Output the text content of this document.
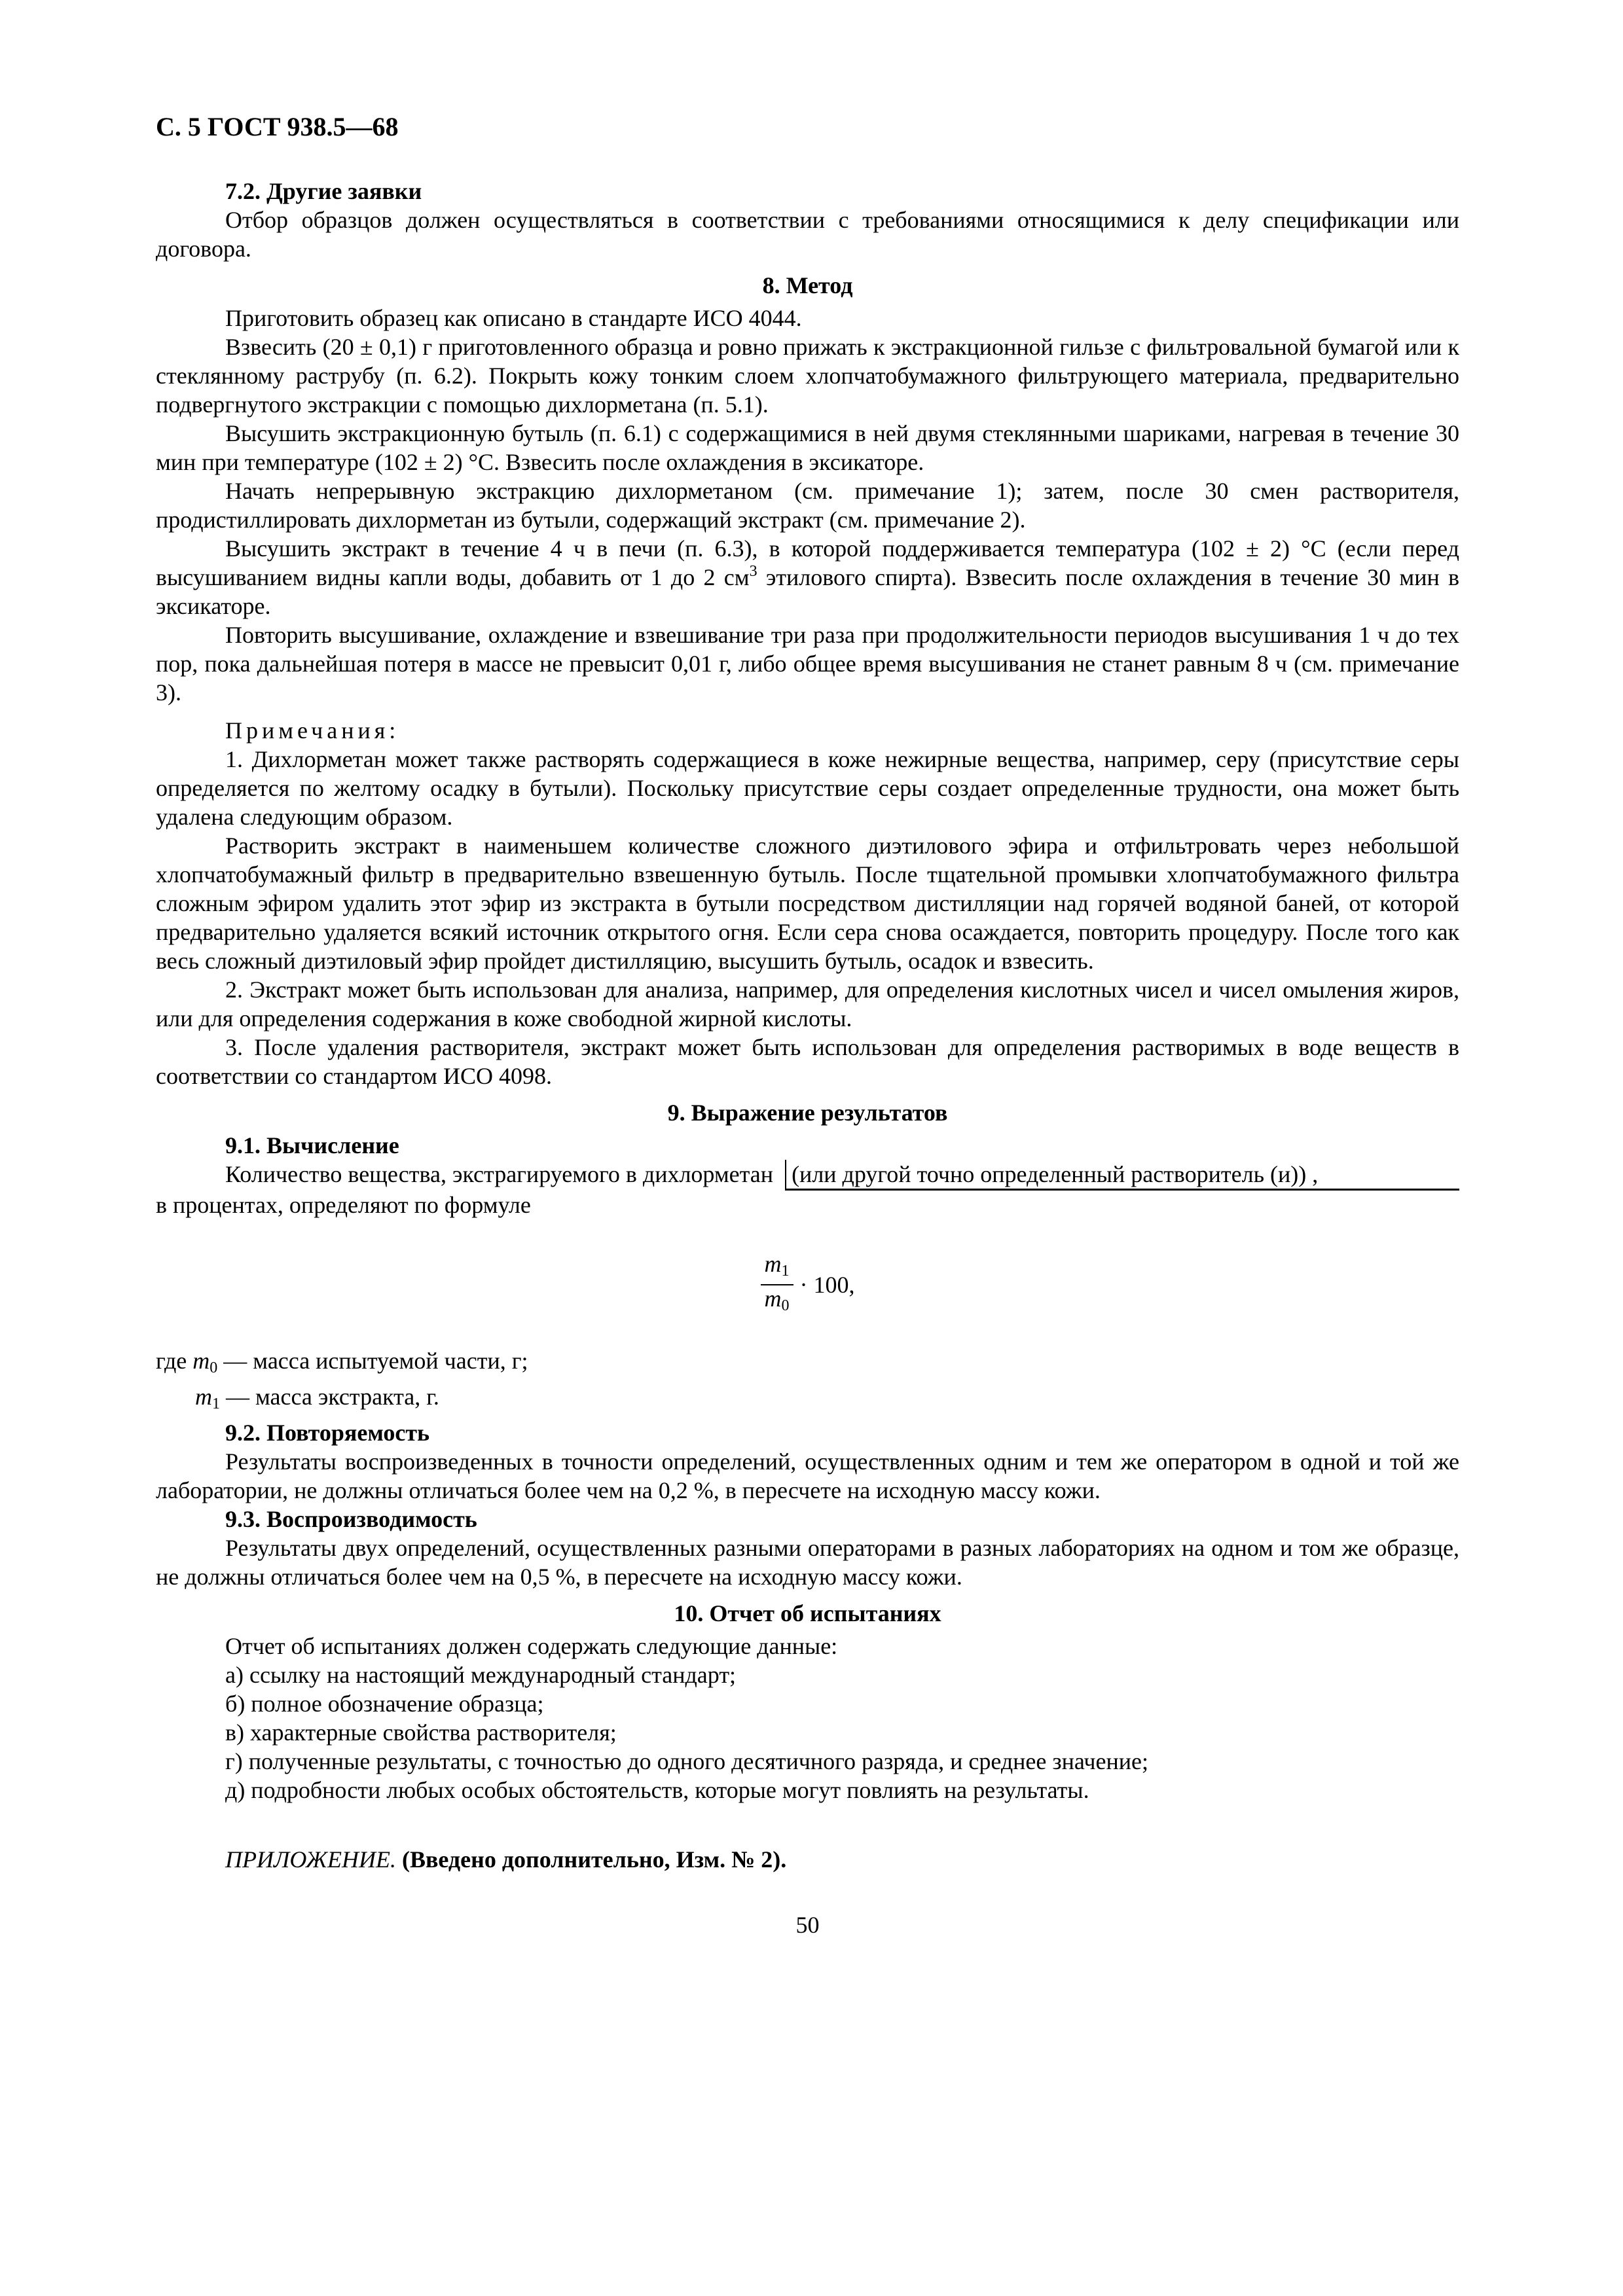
С. 5 ГОСТ 938.5—68

7.2. Другие заявки

Отбор образцов должен осуществляться в соответствии с требованиями относящимися к делу спецификации или договора.

8. Метод

Приготовить образец как описано в стандарте ИСО 4044.

Взвесить (20 ± 0,1) г приготовленного образца и ровно прижать к экстракционной гильзе с фильтровальной бумагой или к стеклянному раструбу (п. 6.2). Покрыть кожу тонким слоем хлопчатобумажного фильтрующего материала, предварительно подвергнутого экстракции с помощью дихлорметана (п. 5.1).

Высушить экстракционную бутыль (п. 6.1) с содержащимися в ней двумя стеклянными шариками, нагревая в течение 30 мин при температуре (102 ± 2) °С. Взвесить после охлаждения в эксикаторе.

Начать непрерывную экстракцию дихлорметаном (см. примечание 1); затем, после 30 смен растворителя, продистиллировать дихлорметан из бутыли, содержащий экстракт (см. примечание 2).

Высушить экстракт в течение 4 ч в печи (п. 6.3), в которой поддерживается температура (102 ± 2) °С (если перед высушиванием видны капли воды, добавить от 1 до 2 $см^3$ этилового спирта). Взвесить после охлаждения в течение 30 мин в эксикаторе.

Повторить высушивание, охлаждение и взвешивание три раза при продолжительности периодов высушивания 1 ч до тех пор, пока дальнейшая потеря в массе не превысит 0,01 г, либо общее время высушивания не станет равным 8 ч (см. примечание 3).

Примечания:

1. Дихлорметан может также растворять содержащиеся в коже нежирные вещества, например, серу (присутствие серы определяется по желтому осадку в бутыли). Поскольку присутствие серы создает определенные трудности, она может быть удалена следующим образом.

Растворить экстракт в наименьшем количестве сложного диэтилового эфира и отфильтровать через небольшой хлопчатобумажный фильтр в предварительно взвешенную бутыль. После тщательной промывки хлопчатобумажного фильтра сложным эфиром удалить этот эфир из экстракта в бутыли посредством дистилляции над горячей водяной баней, от которой предварительно удаляется всякий источник открытого огня. Если сера снова осаждается, повторить процедуру. После того как весь сложный диэтиловый эфир пройдет дистилляцию, высушить бутыль, осадок и взвесить.

2. Экстракт может быть использован для анализа, например, для определения кислотных чисел и чисел омыления жиров, или для определения содержания в коже свободной жирной кислоты.

3. После удаления растворителя, экстракт может быть использован для определения растворимых в воде веществ в соответствии со стандартом ИСО 4098.

9. Выражение результатов

9.1. Вычисление

Количество вещества, экстрагируемого в дихлорметан (или другой точно определенный растворитель (и)) ,

в процентах, определяют по формуле

$\frac{m_1}{m_0} \cdot 100$,

где $m_0$ — масса испытуемой части, г;

$m_1$ — масса экстракта, г.

9.2. Повторяемость

Результаты воспроизведенных в точности определений, осуществленных одним и тем же оператором в одной и той же лаборатории, не должны отличаться более чем на 0,2 %, в пересчете на исходную массу кожи.

9.3. Воспроизводимость

Результаты двух определений, осуществленных разными операторами в разных лабораториях на одном и том же образце, не должны отличаться более чем на 0,5 %, в пересчете на исходную массу кожи.

10. Отчет об испытаниях

Отчет об испытаниях должен содержать следующие данные:

а) ссылку на настоящий международный стандарт;

б) полное обозначение образца;

в) характерные свойства растворителя;

г) полученные результаты, с точностью до одного десятичного разряда, и среднее значение;

д) подробности любых особых обстоятельств, которые могут повлиять на результаты.

ПРИЛОЖЕНИЕ. (Введено дополнительно, Изм. № 2).
50
